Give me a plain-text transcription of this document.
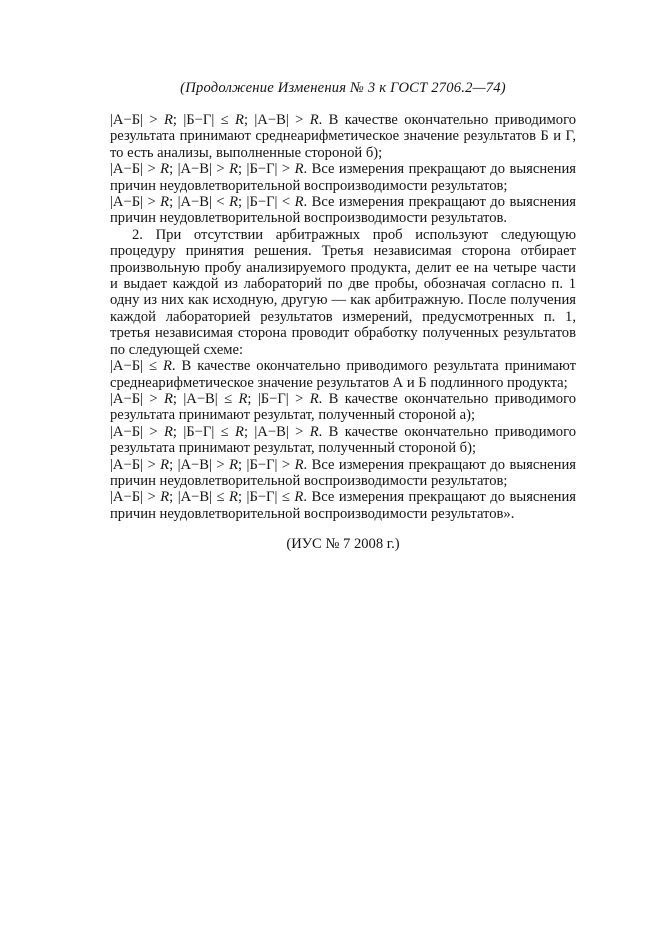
(Продолжение Изменения № 3 к ГОСТ 2706.2—74)

|А−Б| > R; |Б−Г| ≤ R; |А−В| > R. В качестве окончательно приводимого результата принимают среднеарифметическое значение результатов Б и Г, то есть анализы, выполненные стороной б);

|А−Б| > R; |А−В| > R; |Б−Г| > R. Все измерения прекращают до выяснения причин неудовлетворительной воспроизводимости результатов;

|А−Б| > R; |А−В| < R; |Б−Г| < R. Все измерения прекращают до выяснения причин неудовлетворительной воспроизводимости результатов.

2. При отсутствии арбитражных проб используют следующую процедуру принятия решения. Третья независимая сторона отбирает произвольную пробу анализируемого продукта, делит ее на четыре части и выдает каждой из лабораторий по две пробы, обозначая согласно п. 1 одну из них как исходную, другую — как арбитражную. После получения каждой лабораторией результатов измерений, предусмотренных п. 1, третья независимая сторона проводит обработку полученных результатов по следующей схеме:

|А−Б| ≤ R. В качестве окончательно приводимого результата принимают среднеарифметическое значение результатов А и Б подлинного продукта;

|А−Б| > R; |А−В| ≤ R; |Б−Г| > R. В качестве окончательно приводимого результата принимают результат, полученный стороной а);

|А−Б| > R; |Б−Г| ≤ R; |А−В| > R. В качестве окончательно приводимого результата принимают результат, полученный стороной б);

|А−Б| > R; |А−В| > R; |Б−Г| > R. Все измерения прекращают до выяснения причин неудовлетворительной воспроизводимости результатов;

|А−Б| > R; |А−В| ≤ R; |Б−Г| ≤ R. Все измерения прекращают до выяснения причин неудовлетворительной воспроизводимости результатов».

(ИУС № 7 2008 г.)
